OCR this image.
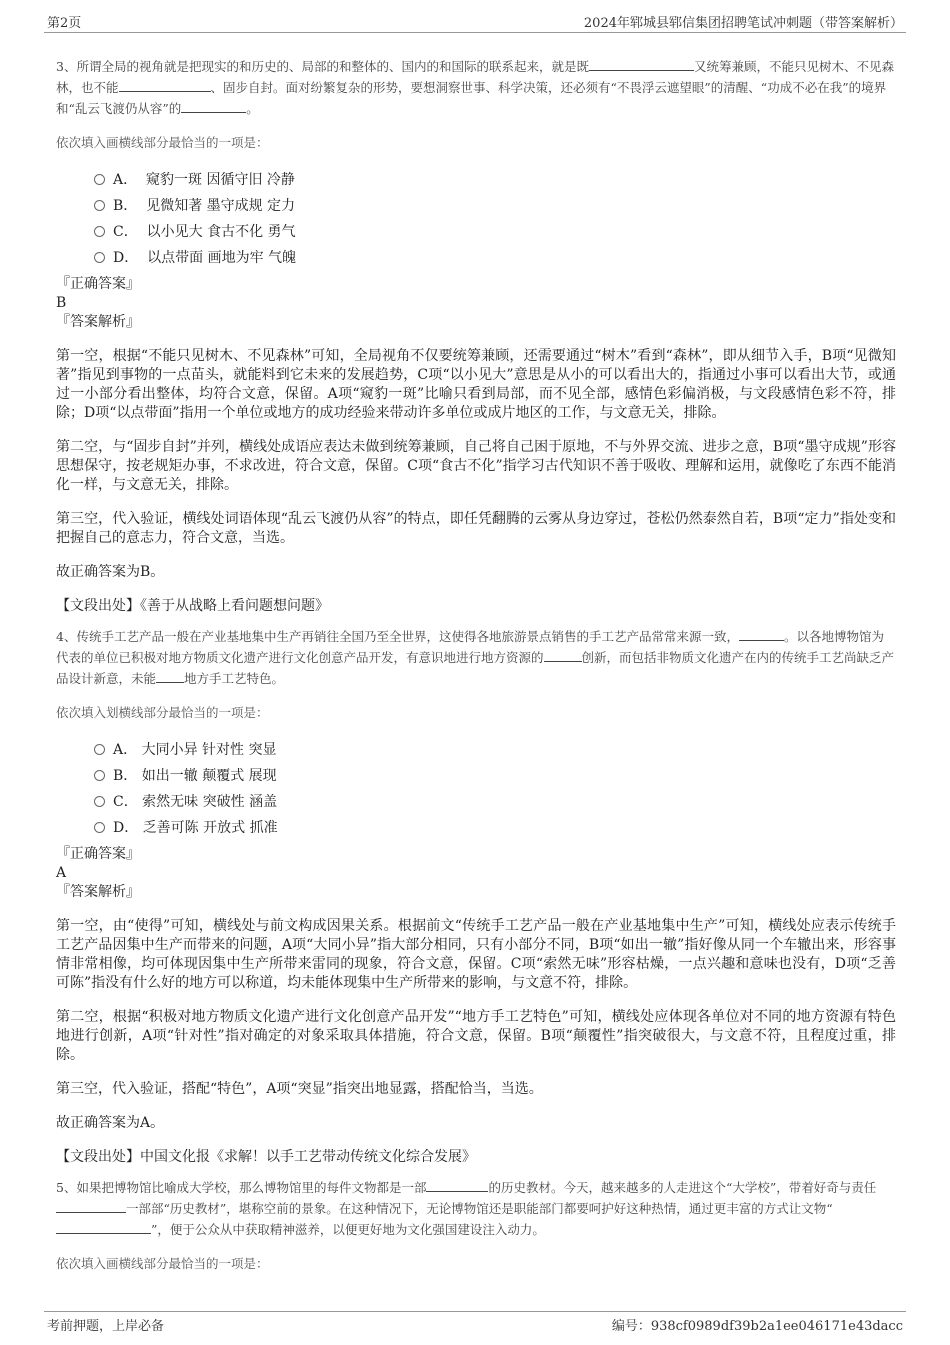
第2页	2024年郓城县郓信集团招聘笔试冲刺题（带答案解析）

3、所谓全局的视角就是把现实的和历史的、局部的和整体的、国内的和国际的联系起来，就是既	又统筹兼顾，不能只见树木、不见森林，也不能	、固步自封。面对纷繁复杂的形势，要想洞察世事、科学决策，还必须有“不畏浮云遮望眼”的清醒、“功成不必在我”的境界和“乱云飞渡仍从容”的	。

依次填入画横线部分最恰当的一项是：

A． 窥豹一斑 因循守旧 冷静
B． 见微知著 墨守成规 定力
C． 以小见大 食古不化 勇气
D． 以点带面 画地为牢 气魄
『正确答案』
B
『答案解析』

第一空，根据“不能只见树木、不见森林”可知，全局视角不仅要统筹兼顾，还需要通过“树木”看到“森林”，即从细节入手，B项“见微知著”指见到事物的一点苗头，就能料到它未来的发展趋势，C项“以小见大”意思是从小的可以看出大的，指通过小事可以看出大节，或通过一小部分看出整体，均符合文意，保留。A项“窥豹一斑”比喻只看到局部，而不见全部，感情色彩偏消极，与文段感情色彩不符，排除；D项“以点带面”指用一个单位或地方的成功经验来带动许多单位或成片地区的工作，与文意无关，排除。

第二空，与“固步自封”并列，横线处成语应表达未做到统筹兼顾，自己将自己困于原地，不与外界交流、进步之意，B项“墨守成规”形容思想保守，按老规矩办事，不求改进，符合文意，保留。C项“食古不化”指学习古代知识不善于吸收、理解和运用，就像吃了东西不能消化一样，与文意无关，排除。

第三空，代入验证，横线处词语体现“乱云飞渡仍从容”的特点，即任凭翻腾的云雾从身边穿过，苍松仍然泰然自若，B项“定力”指处变和把握自己的意志力，符合文意，当选。

故正确答案为B。

【文段出处】《善于从战略上看问题想问题》

4、传统手工艺产品一般在产业基地集中生产再销往全国乃至全世界，这使得各地旅游景点销售的手工艺产品常常来源一致，	。以各地博物馆为代表的单位已积极对地方物质文化遗产进行文化创意产品开发，有意识地进行地方资源的	创新，而包括非物质文化遗产在内的传统手工艺尚缺乏产品设计新意，未能 地方手工艺特色。

依次填入划横线部分最恰当的一项是：

A． 大同小异 针对性 突显
B． 如出一辙 颠覆式 展现
C． 索然无味 突破性 涵盖
D． 乏善可陈 开放式 抓准
『正确答案』
A
『答案解析』

第一空，由“使得”可知，横线处与前文构成因果关系。根据前文“传统手工艺产品一般在产业基地集中生产”可知，横线处应表示传统手工艺产品因集中生产而带来的问题，A项“大同小异”指大部分相同，只有小部分不同，B项“如出一辙”指好像从同一个车辙出来，形容事情非常相像，均可体现因集中生产所带来雷同的现象，符合文意，保留。C项“索然无味”形容枯燥，一点兴趣和意味也没有，D项“乏善可陈”指没有什么好的地方可以称道，均未能体现集中生产所带来的影响，与文意不符，排除。

第二空，根据“积极对地方物质文化遗产进行文化创意产品开发”“地方手工艺特色”可知，横线处应体现各单位对不同的地方资源有特色地进行创新，A项“针对性”指对确定的对象采取具体措施，符合文意，保留。B项“颠覆性”指突破很大，与文意不符，且程度过重，排除。

第三空，代入验证，搭配“特色”，A项“突显”指突出地显露，搭配恰当，当选。

故正确答案为A。

【文段出处】中国文化报《求解！以手工艺带动传统文化综合发展》

5、如果把博物馆比喻成大学校，那么博物馆里的每件文物都是一部	的历史教材。今天，越来越多的人走进这个“大学校”，带着好奇与责任一部部“历史教材”，堪称空前的景象。在这种情况下，无论博物馆还是职能部门都要呵护好这种热情，通过更丰富的方式让文物“”，便于公众从中获取精神滋养，以便更好地为文化强国建设注入动力。

依次填入画横线部分最恰当的一项是：

考前押题，上岸必备	编号：938cf0989df39b2a1ee046171e43dacc
